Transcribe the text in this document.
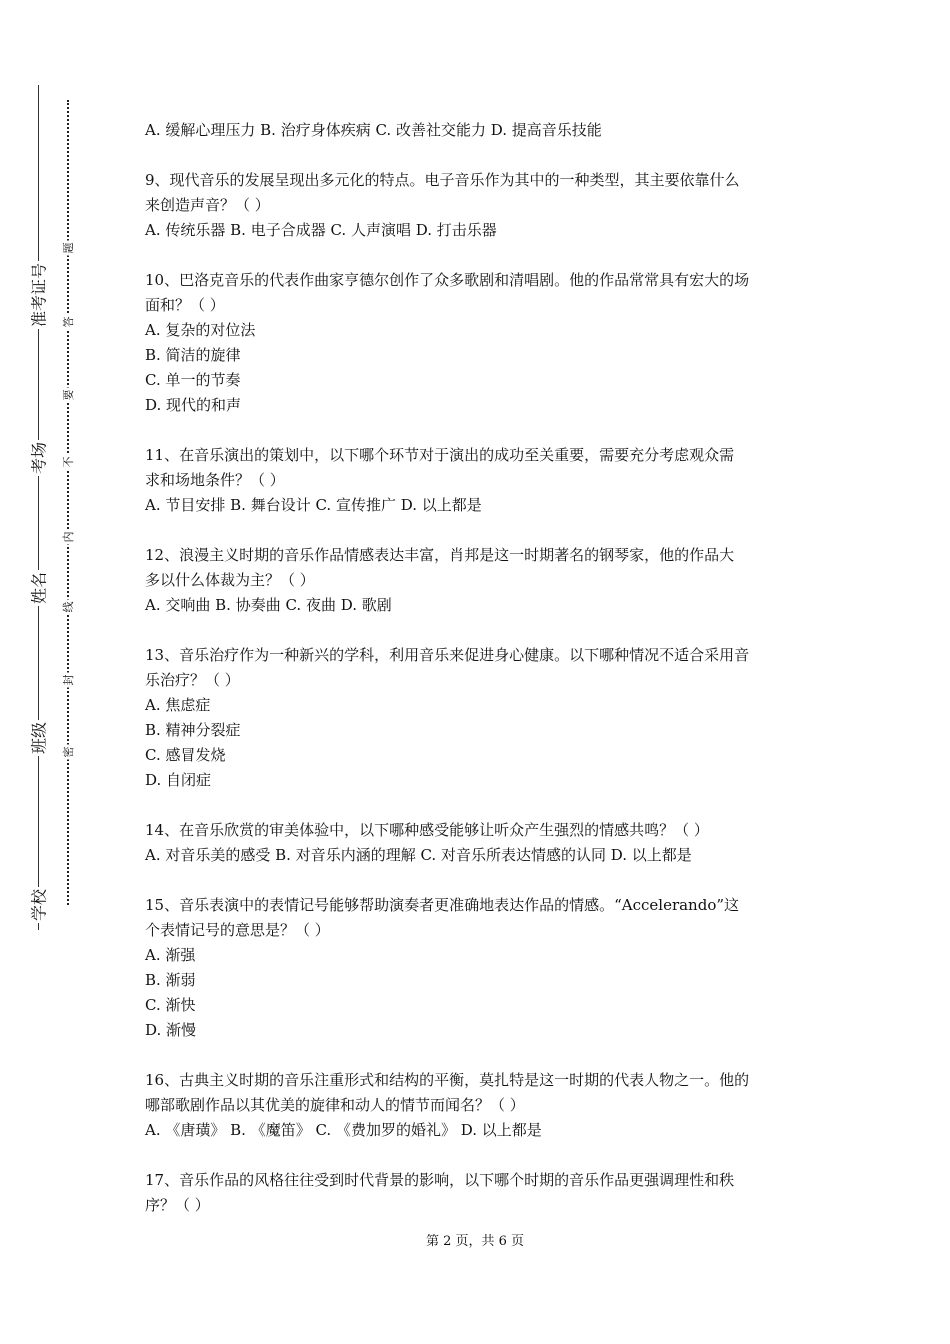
准考证号
考场
姓名
班级
学校
题
答
要
不
内
线
封
密
A. 缓解心理压力 B. 治疗身体疾病 C. 改善社交能力 D. 提高音乐技能
9、现代音乐的发展呈现出多元化的特点。电子音乐作为其中的一种类型，其主要依靠什么
来创造声音？（ ）
A. 传统乐器 B. 电子合成器 C. 人声演唱 D. 打击乐器
10、巴洛克音乐的代表作曲家亨德尔创作了众多歌剧和清唱剧。他的作品常常具有宏大的场
面和？（ ）
A. 复杂的对位法
B. 简洁的旋律
C. 单一的节奏
D. 现代的和声
11、在音乐演出的策划中，以下哪个环节对于演出的成功至关重要，需要充分考虑观众需
求和场地条件？（ ）
A. 节目安排 B. 舞台设计 C. 宣传推广 D. 以上都是
12、浪漫主义时期的音乐作品情感表达丰富，肖邦是这一时期著名的钢琴家，他的作品大
多以什么体裁为主？（ ）
A. 交响曲 B. 协奏曲 C. 夜曲 D. 歌剧
13、音乐治疗作为一种新兴的学科，利用音乐来促进身心健康。以下哪种情况不适合采用音
乐治疗？（ ）
A. 焦虑症
B. 精神分裂症
C. 感冒发烧
D. 自闭症
14、在音乐欣赏的审美体验中，以下哪种感受能够让听众产生强烈的情感共鸣？（ ）
A. 对音乐美的感受 B. 对音乐内涵的理解 C. 对音乐所表达情感的认同 D. 以上都是
15、音乐表演中的表情记号能够帮助演奏者更准确地表达作品的情感。“Accelerando”这
个表情记号的意思是？（ ）
A. 渐强
B. 渐弱
C. 渐快
D. 渐慢
16、古典主义时期的音乐注重形式和结构的平衡，莫扎特是这一时期的代表人物之一。他的
哪部歌剧作品以其优美的旋律和动人的情节而闻名？（ ）
A. 《唐璜》 B. 《魔笛》 C. 《费加罗的婚礼》 D. 以上都是
17、音乐作品的风格往往受到时代背景的影响，以下哪个时期的音乐作品更强调理性和秩
序？（ ）
第 2 页，共 6 页
